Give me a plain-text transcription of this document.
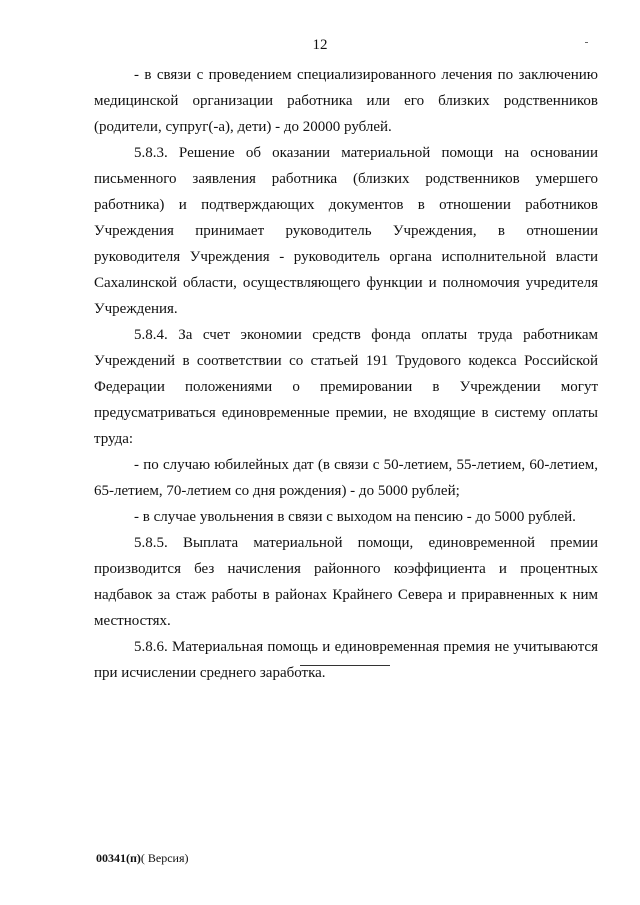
12

- в связи с проведением специализированного лечения по заключению медицинской организации работника или его близких родственников (родители, супруг(-а), дети) - до 20000 рублей.

5.8.3. Решение об оказании материальной помощи на основании письменного заявления работника (близких родственников умершего работника) и подтверждающих документов в отношении работников Учреждения принимает руководитель Учреждения, в отношении руководителя Учреждения - руководитель органа исполнительной власти Сахалинской области, осуществляющего функции и полномочия учредителя Учреждения.

5.8.4. За счет экономии средств фонда оплаты труда работникам Учреждений в соответствии со статьей 191 Трудового кодекса Российской Федерации положениями о премировании в Учреждении могут предусматриваться единовременные премии, не входящие в систему оплаты труда:

- по случаю юбилейных дат (в связи с 50-летием, 55-летием, 60-летием, 65-летием, 70-летием со дня рождения) - до 5000 рублей;

- в случае увольнения в связи с выходом на пенсию - до 5000 рублей.

5.8.5. Выплата материальной помощи, единовременной премии производится без начисления районного коэффициента и процентных надбавок за стаж работы в районах Крайнего Севера и приравненных к ним местностях.

5.8.6. Материальная помощь и единовременная премия не учитываются при исчислении среднего заработка.

00341(п)( Версия)
